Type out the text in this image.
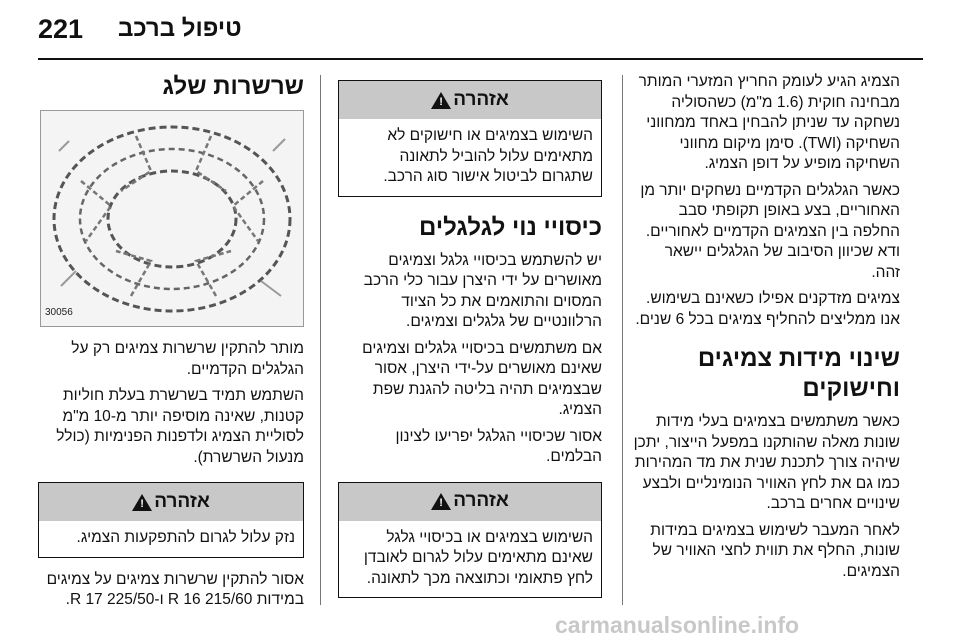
221 טיפול ברכב

הצמיג הגיע לעומק החריץ המזערי המותר מבחינה חוקית (1.6 מ"מ) כשהסוליה נשחקה עד שניתן להבחין באחד ממחווני השחיקה (TWI). סימן מיקום מחווני השחיקה מופיע על דופן הצמיג.

כאשר הגלגלים הקדמיים נשחקים יותר מן האחוריים, בצע באופן תקופתי סבב החלפה בין הצמיגים הקדמיים לאחוריים. ודא שכיוון הסיבוב של הגלגלים יישאר זהה.

צמיגים מזדקנים אפילו כשאינם בשימוש. אנו ממליצים להחליף צמיגים בכל 6 שנים.

שינוי מידות צמיגים וחישוקים

כאשר משתמשים בצמיגים בעלי מידות שונות מאלה שהותקנו במפעל הייצור, יתכן שיהיה צורך לתכנת שנית את מד המהירות כמו גם את לחץ האוויר הנומינליים ולבצע שינויים אחרים ברכב.

לאחר המעבר לשימוש בצמיגים במידות שונות, החלף את תווית לחצי האוויר של הצמיגים.

אזהרה
!
השימוש בצמיגים או חישוקים לא מתאימים עלול להוביל לתאונה שתגרום לביטול אישור סוג הרכב.
כיסויי נוי לגלגלים

יש להשתמש בכיסויי גלגל וצמיגים מאושרים על ידי היצרן עבור כלי הרכב המסוים והתואמים את כל הציוד הרלוונטיים של גלגלים וצמיגים.

אם משתמשים בכיסויי גלגלים וצמיגים שאינם מאושרים על-ידי היצרן, אסור שבצמיגים תהיה בליטה להגנת שפת הצמיג.

אסור שכיסויי הגלגל יפריעו לצינון הבלמים.

אזהרה
!
השימוש בצמיגים או בכיסויי גלגל שאינם מתאימים עלול לגרום לאובדן לחץ פתאומי וכתוצאה מכך לתאונה.
שרשרות שלג
30056

מותר להתקין שרשרות צמיגים רק על הגלגלים הקדמיים.

השתמש תמיד בשרשרת בעלת חוליות קטנות, שאינה מוסיפה יותר מ-10 מ"מ לסוליית הצמיג ולדפנות הפנימיות (כולל מנעול השרשרת).

אזהרה
!
נזק עלול לגרום להתפקעות הצמיג.

אסור להתקין שרשרות צמיגים על צמיגים במידות 215/60 R 16 ו-225/50 R 17.

carmanualsonline.info
